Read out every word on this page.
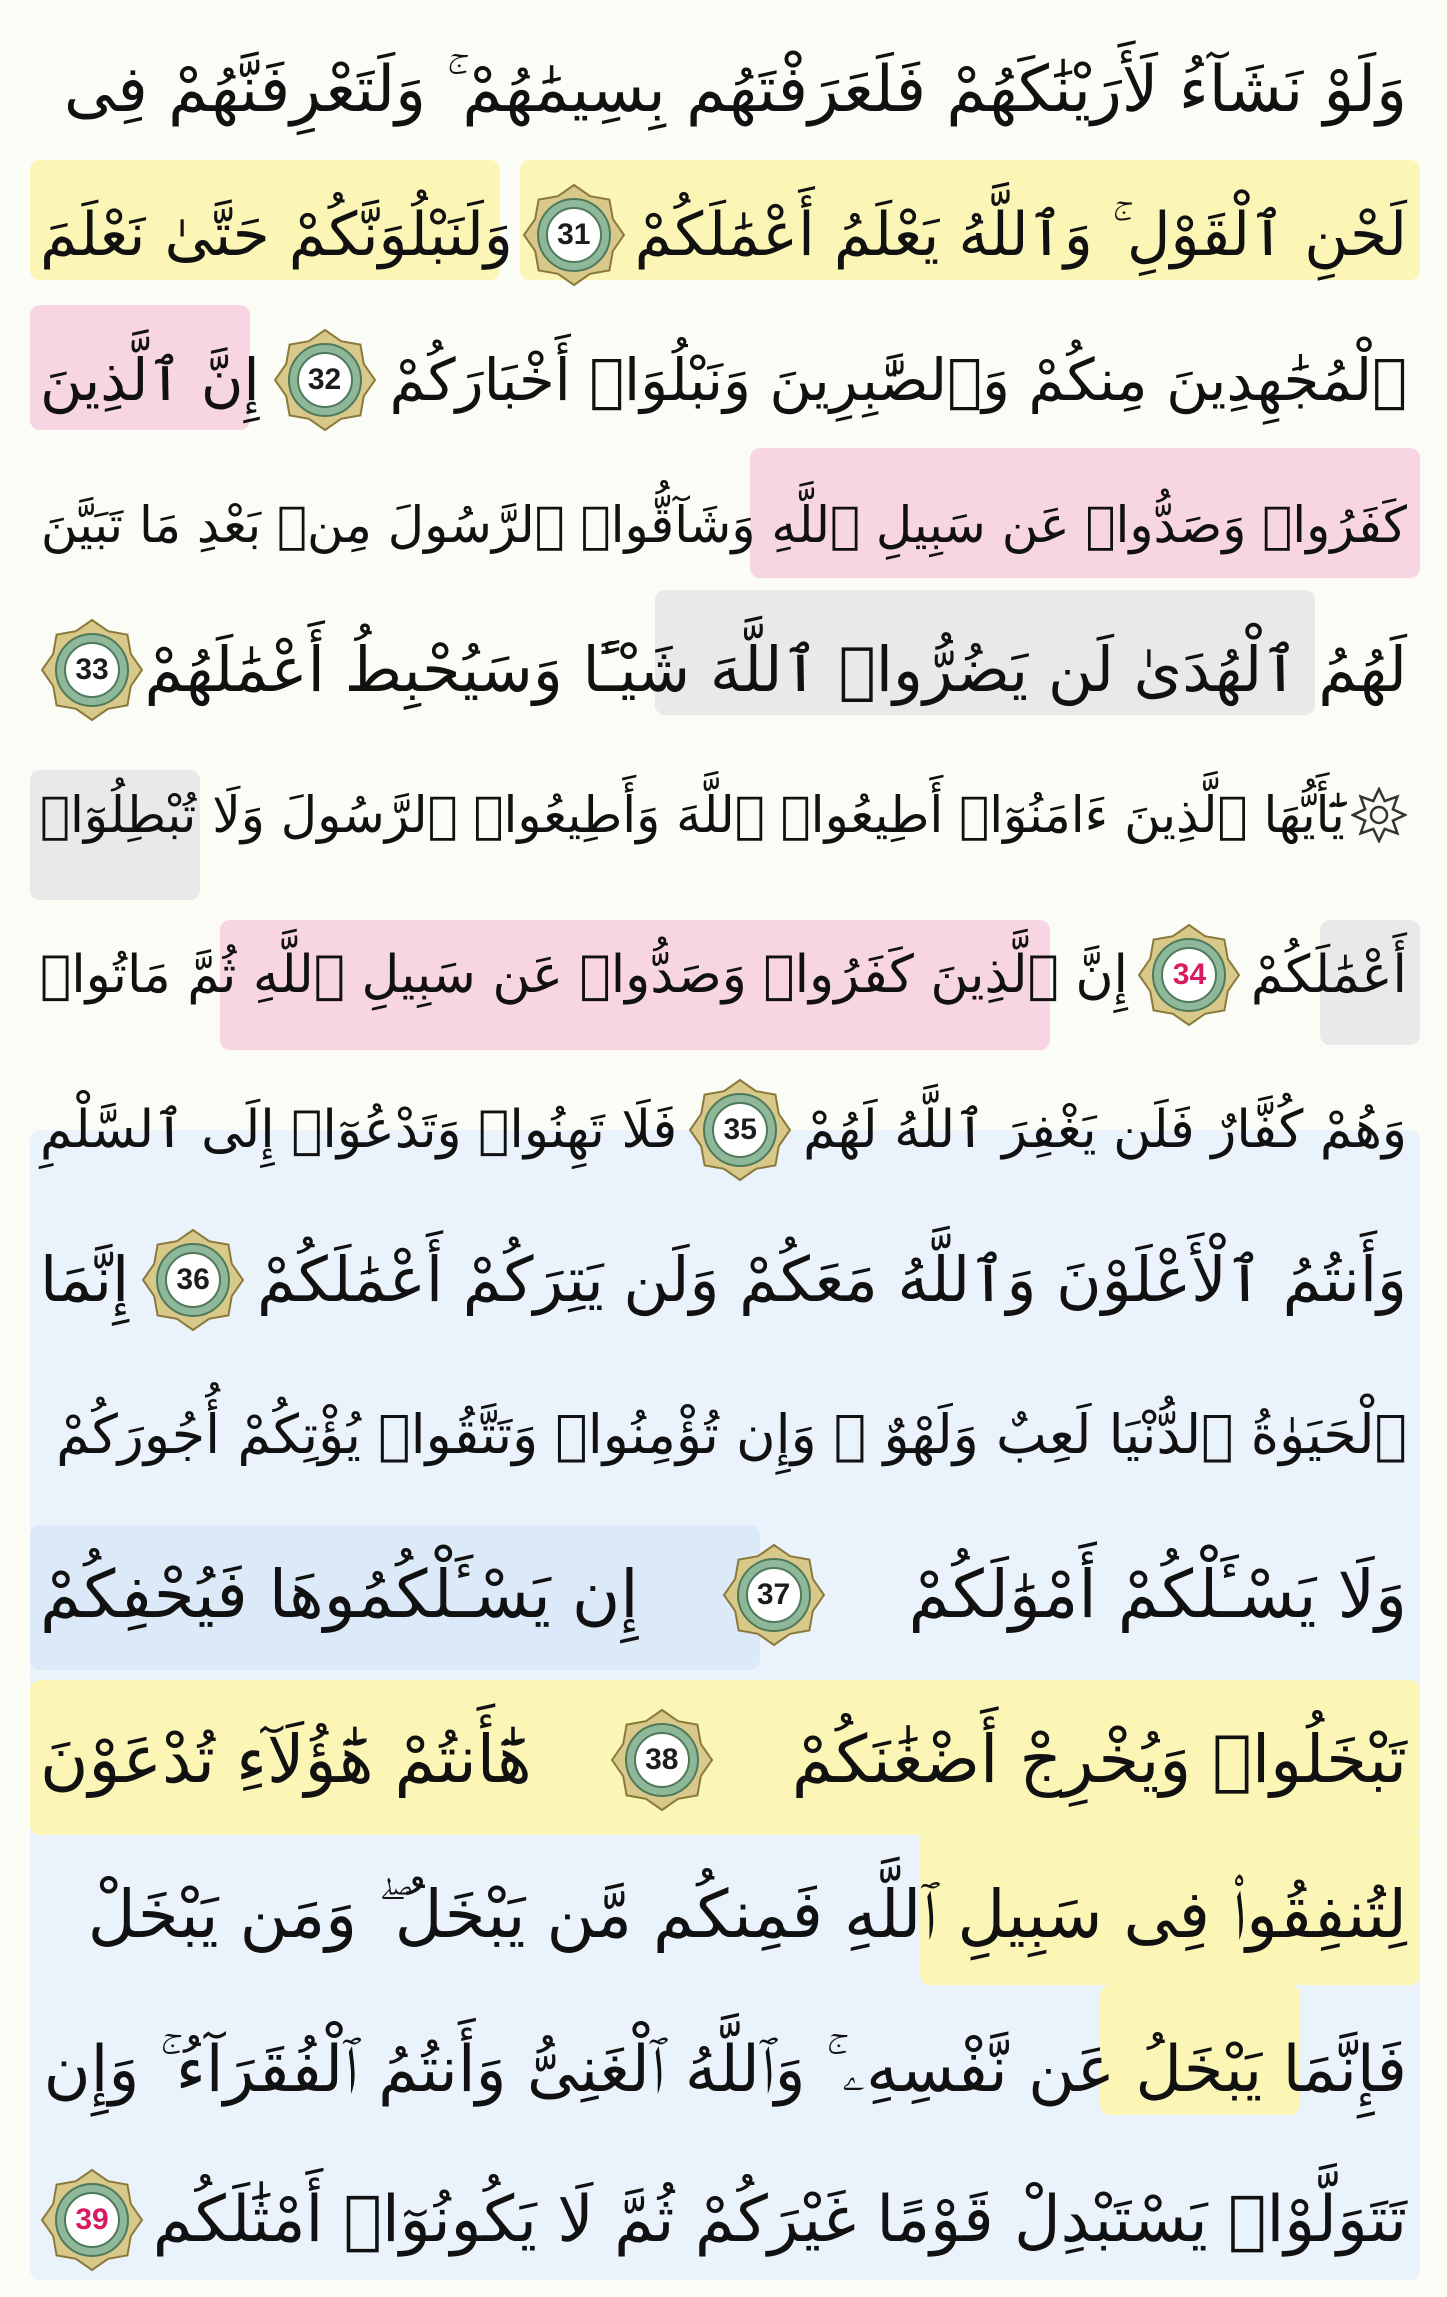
وَلَوْ نَشَآءُ لَأَرَيْنَٰكَهُمْ فَلَعَرَفْتَهُم بِسِيمَٰهُمْ ۚ وَلَتَعْرِفَنَّهُمْ فِى
لَحْنِ ٱلْقَوْلِ ۚ وَٱللَّهُ يَعْلَمُ أَعْمَٰلَكُمْ
31
وَلَنَبْلُوَنَّكُمْ حَتَّىٰ نَعْلَمَ
ٱلْمُجَٰهِدِينَ مِنكُمْ وَٱلصَّٰبِرِينَ وَنَبْلُوَا۟ أَخْبَارَكُمْ
32
إِنَّ ٱلَّذِينَ
كَفَرُوا۟ وَصَدُّوا۟ عَن سَبِيلِ ٱللَّهِ وَشَآقُّوا۟ ٱلرَّسُولَ مِنۢ بَعْدِ مَا تَبَيَّنَ
لَهُمُ ٱلْهُدَىٰ لَن يَضُرُّوا۟ ٱللَّهَ شَيْـًٔا وَسَيُحْبِطُ أَعْمَٰلَهُمْ
33
يَٰٓأَيُّهَا ٱلَّذِينَ ءَامَنُوٓا۟ أَطِيعُوا۟ ٱللَّهَ وَأَطِيعُوا۟ ٱلرَّسُولَ وَلَا تُبْطِلُوٓا۟
أَعْمَٰلَكُمْ
34
إِنَّ ٱلَّذِينَ كَفَرُوا۟ وَصَدُّوا۟ عَن سَبِيلِ ٱللَّهِ ثُمَّ مَاتُوا۟
وَهُمْ كُفَّارٌ فَلَن يَغْفِرَ ٱللَّهُ لَهُمْ
35
فَلَا تَهِنُوا۟ وَتَدْعُوٓا۟ إِلَى ٱلسَّلْمِ
وَأَنتُمُ ٱلْأَعْلَوْنَ وَٱللَّهُ مَعَكُمْ وَلَن يَتِرَكُمْ أَعْمَٰلَكُمْ
36
إِنَّمَا
ٱلْحَيَوٰةُ ٱلدُّنْيَا لَعِبٌ وَلَهْوٌ ۚ وَإِن تُؤْمِنُوا۟ وَتَتَّقُوا۟ يُؤْتِكُمْ أُجُورَكُمْ
وَلَا يَسْـَٔلْكُمْ أَمْوَٰلَكُمْ
37
إِن يَسْـَٔلْكُمُوهَا فَيُحْفِكُمْ
تَبْخَلُوا۟ وَيُخْرِجْ أَضْغَٰنَكُمْ
38
هَٰٓأَنتُمْ هَٰٓؤُلَآءِ تُدْعَوْنَ
لِتُنفِقُوا۟ فِى سَبِيلِ ٱللَّهِ فَمِنكُم مَّن يَبْخَلُ ۖ وَمَن يَبْخَلْ
فَإِنَّمَا يَبْخَلُ عَن نَّفْسِهِۦ ۚ وَٱللَّهُ ٱلْغَنِىُّ وَأَنتُمُ ٱلْفُقَرَآءُ ۚ وَإِن
تَتَوَلَّوْا۟ يَسْتَبْدِلْ قَوْمًا غَيْرَكُمْ ثُمَّ لَا يَكُونُوٓا۟ أَمْثَٰلَكُم
39
